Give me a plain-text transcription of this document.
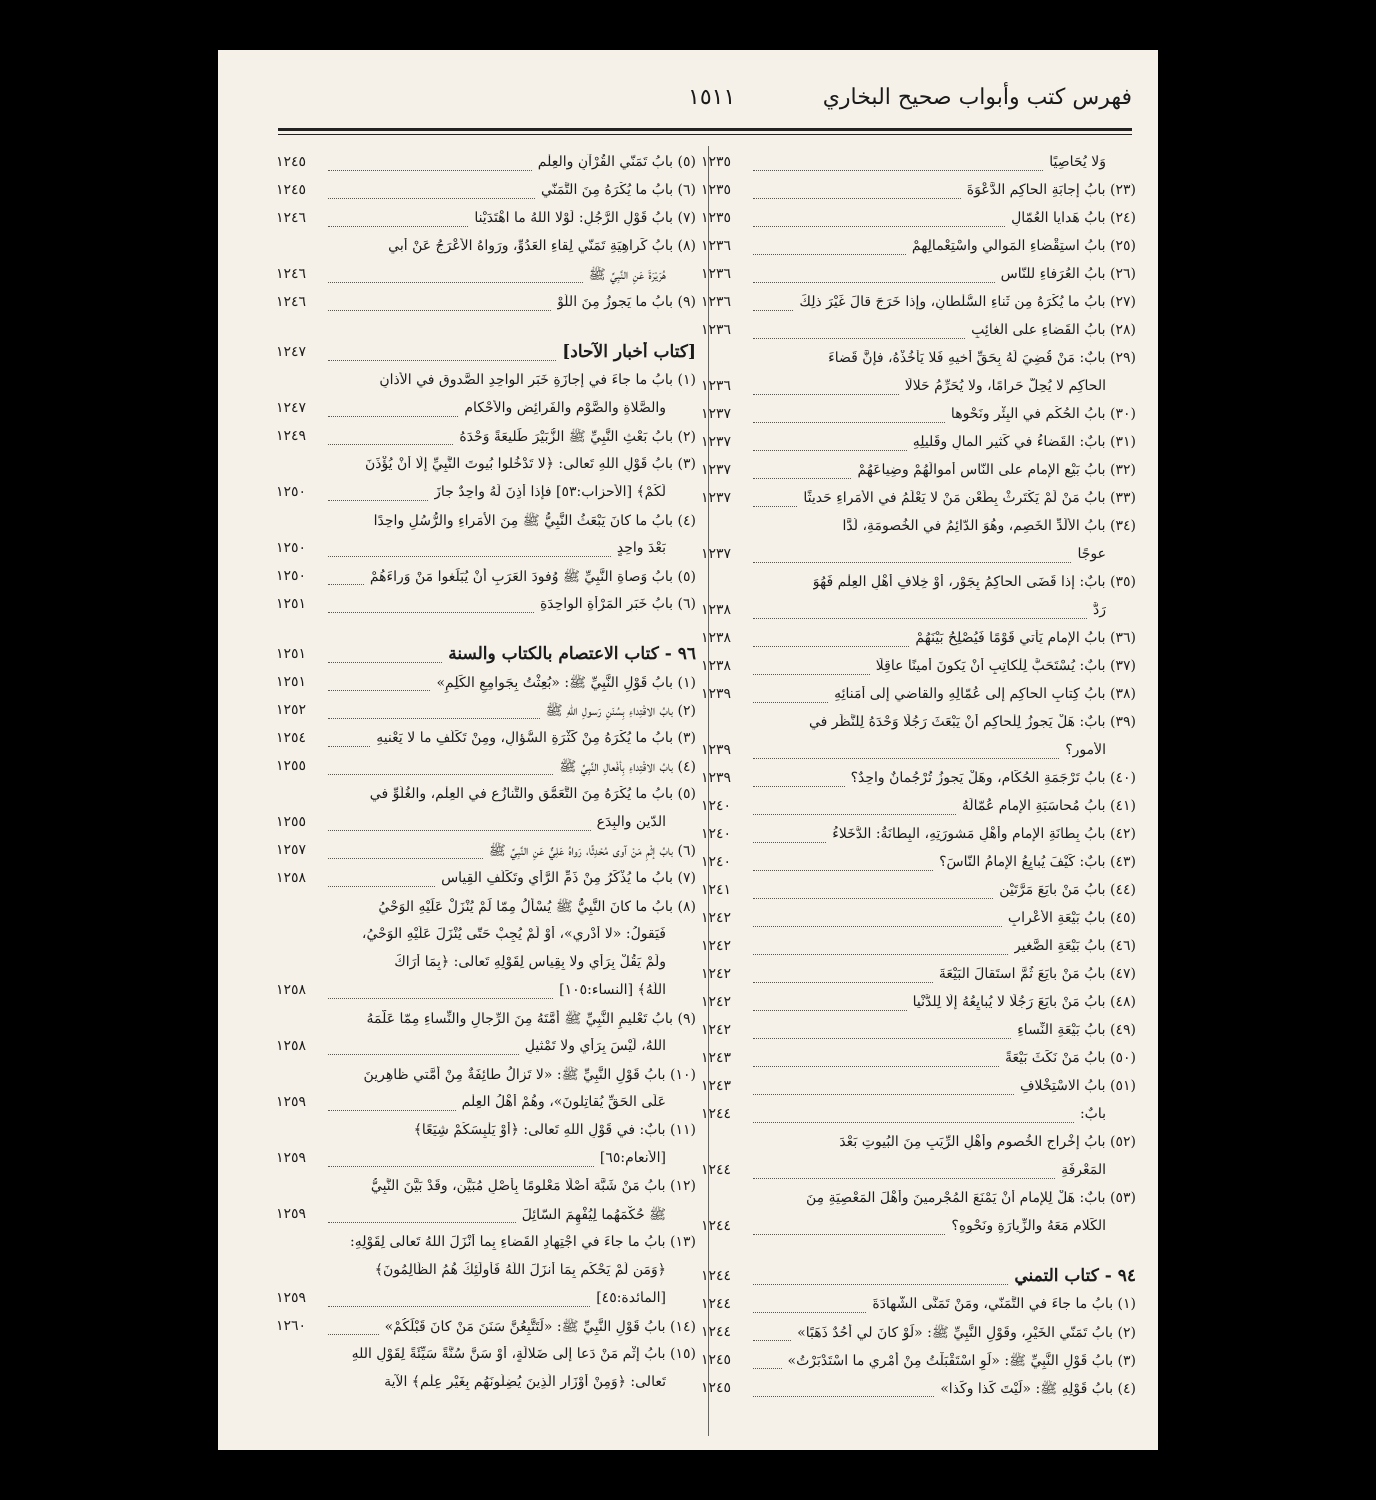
فهرس كتب وأبواب صحيح البخاري
١٥١١
وَلا يُحَاصِيًا
١٢٣٥
(٢٣) بابُ إجابَةِ الحاكِمِ الدَّعْوَةَ
١٢٣٥
(٢٤) بابُ هَدايا العُمّالِ
١٢٣٥
(٢٥) بابُ استِقْضاءِ المَوالي واسْتِعْمالِهِمْ
١٢٣٦
(٢٦) بابُ العُرَفاءِ للنّاسِ
١٢٣٦
(٢٧) بابُ ما يُكْرَهُ مِن ثَناءِ السُّلْطانِ، وإذا خَرَجَ قالَ غَيْرَ ذلِكَ
١٢٣٦
(٢٨) بابُ القَضاءِ على الغائِبِ
١٢٣٦
(٢٩) بابٌ: مَنْ قُضِيَ لَهُ بِحَقِّ أخيهِ فَلا يَأْخُذْهُ، فإنَّ قَضاءَ
الحاكِمِ لا يُحِلُّ حَرامًا، ولا يُحَرِّمُ حَلالًا
١٢٣٦
(٣٠) بابُ الحُكْمِ في البِئْرِ ونَحْوِها
١٢٣٧
(٣١) بابٌ: القَضاءُ في كَثيرِ المالِ وقَليلِهِ
١٢٣٧
(٣٢) بابُ بَيْعِ الإمامِ على النّاسِ أموالَهُمْ وضِياعَهُمْ
١٢٣٧
(٣٣) بابُ مَنْ لَمْ يَكْتَرِثْ بِطَعْنِ مَنْ لا يَعْلَمُ في الأُمَراءِ حَديثًا
١٢٣٧
(٣٤) بابُ الألَدِّ الخَصِمِ، وهُوَ الدّائِمُ في الخُصومَةِ، لُدًّا
عوجًا
١٢٣٧
(٣٥) بابٌ: إذا قَضَى الحاكِمُ بِجَوْرٍ، أوْ خِلافِ أهْلِ العِلْمِ فَهُوَ
رَدٌّ
١٢٣٨
(٣٦) بابُ الإمامِ يَأْتي قَوْمًا فَيُصْلِحُ بَيْنَهُمْ
١٢٣٨
(٣٧) بابٌ: يُسْتَحَبُّ لِلْكاتِبِ أنْ يَكونَ أمينًا عاقِلًا
١٢٣٨
(٣٨) بابُ كِتابِ الحاكِمِ إلى عُمّالِهِ والقاضي إلى أُمَنائِهِ
١٢٣٩
(٣٩) بابٌ: هَلْ يَجوزُ لِلْحاكِمِ أنْ يَبْعَثَ رَجُلًا وَحْدَهُ لِلنَّظَرِ في
الأُمورِ؟
١٢٣٩
(٤٠) بابُ تَرْجَمَةِ الحُكّامِ، وهَلْ يَجوزُ تُرْجُمانٌ واحِدٌ؟
١٢٣٩
(٤١) بابُ مُحاسَبَةِ الإمامِ عُمّالَهُ
١٢٤٠
(٤٢) بابُ بِطانَةِ الإمامِ وأهْلِ مَشورَتِهِ، البِطانَةُ: الدُّخَلاءُ
١٢٤٠
(٤٣) بابٌ: كَيْفَ يُبايِعُ الإمامُ النّاسَ؟
١٢٤٠
(٤٤) بابُ مَنْ بايَعَ مَرَّتَيْنِ
١٢٤١
(٤٥) بابُ بَيْعَةِ الأعْرابِ
١٢٤٢
(٤٦) بابُ بَيْعَةِ الصَّغيرِ
١٢٤٢
(٤٧) بابُ مَنْ بايَعَ ثُمَّ استَقالَ البَيْعَةَ
١٢٤٢
(٤٨) بابُ مَنْ بايَعَ رَجُلًا لا يُبايِعُهُ إلّا لِلدُّنْيا
١٢٤٢
(٤٩) بابُ بَيْعَةِ النِّساءِ
١٢٤٢
(٥٠) بابُ مَنْ نَكَثَ بَيْعَةً
١٢٤٣
(٥١) بابُ الاسْتِخْلافِ
١٢٤٣
بابٌ:
١٢٤٤
(٥٢) بابُ إخْراجِ الخُصومِ وأهْلِ الرِّيَبِ مِنَ البُيوتِ بَعْدَ
المَعْرِفَةِ
١٢٤٤
(٥٣) بابٌ: هَلْ لِلإمامِ أنْ يَمْنَعَ المُجْرِمينَ وأهْلَ المَعْصِيَةِ مِنَ
الكَلامِ مَعَهُ والزِّيارَةِ ونَحْوِهِ؟
١٢٤٤
٩٤ - كتاب التمني
١٢٤٤
(١) بابُ ما جاءَ في التَّمَنّي، ومَنْ تَمَنَّى الشَّهادَةَ
١٢٤٤
(٢) بابُ تَمَنّي الخَيْرِ، وقَوْلِ النَّبِيِّ ﷺ: «لَوْ كانَ لي أُحُدٌ ذَهَبًا»
١٢٤٤
(٣) بابُ قَوْلِ النَّبِيِّ ﷺ: «لَوِ اسْتَقْبَلْتُ مِنْ أمْري ما اسْتَدْبَرْتُ»
١٢٤٥
(٤) بابُ قَوْلِهِ ﷺ: «لَيْتَ كَذا وكَذا»
١٢٤٥
(٥) بابُ تَمَنّي القُرْآنِ والعِلْمِ
١٢٤٥
(٦) بابُ ما يُكْرَهُ مِنَ التَّمَنّي
١٢٤٥
(٧) بابُ قَوْلِ الرَّجُلِ: لَوْلا اللهُ ما اهْتَدَيْنا
١٢٤٦
(٨) بابُ كَراهِيَةِ تَمَنّي لِقاءِ العَدُوِّ، ورَواهُ الأعْرَجُ عَنْ أبي
هُرَيْرَةَ عَنِ النَّبِيِّ ﷺ
١٢٤٦
(٩) بابُ ما يَجوزُ مِنَ اللَّوْ
١٢٤٦
[كتاب أخبار الآحاد]
١٢٤٧
(١) بابُ ما جاءَ في إجازَةِ خَبَرِ الواحِدِ الصَّدوقِ في الأذانِ
والصَّلاةِ والصَّوْمِ والفَرائِضِ والأحْكامِ
١٢٤٧
(٢) بابُ بَعْثِ النَّبِيِّ ﷺ الزُّبَيْرَ طَليعَةً وَحْدَهُ
١٢٤٩
(٣) بابُ قَوْلِ اللهِ تَعالى: ﴿لا تَدْخُلوا بُيوتَ النَّبِيِّ إلّا أنْ يُؤْذَنَ
لَكُمْ﴾ [الأحزاب:٥٣] فإذا أُذِنَ لَهُ واحِدٌ جازَ
١٢٥٠
(٤) بابُ ما كانَ يَبْعَثُ النَّبِيُّ ﷺ مِنَ الأُمَراءِ والرُّسُلِ واحِدًا
بَعْدَ واحِدٍ
١٢٥٠
(٥) بابُ وَصاةِ النَّبِيِّ ﷺ وُفودَ العَرَبِ أنْ يُبَلِّغوا مَنْ وَراءَهُمْ
١٢٥٠
(٦) بابُ خَبَرِ المَرْأَةِ الواحِدَةِ
١٢٥١
٩٦ - كتاب الاعتصام بالكتاب والسنة
١٢٥١
(١) بابُ قَوْلِ النَّبِيِّ ﷺ: «بُعِثْتُ بِجَوامِعِ الكَلِمِ»
١٢٥١
(٢) بابُ الاقْتِداءِ بِسُنَنِ رَسولِ اللهِ ﷺ
١٢٥٢
(٣) بابُ ما يُكْرَهُ مِنْ كَثْرَةِ السُّؤالِ، ومِنْ تَكَلُّفِ ما لا يَعْنيهِ
١٢٥٤
(٤) بابُ الاقْتِداءِ بِأفْعالِ النَّبِيِّ ﷺ
١٢٥٥
(٥) بابُ ما يُكْرَهُ مِنَ التَّعَمُّقِ والتَّنازُعِ في العِلْمِ، والغُلُوِّ في
الدّينِ والبِدَعِ
١٢٥٥
(٦) بابُ إثْمِ مَنْ آوى مُحْدِثًا، رَواهُ عَلِيٌّ عَنِ النَّبِيِّ ﷺ
١٢٥٧
(٧) بابُ ما يُذْكَرُ مِنْ ذَمِّ الرَّأْيِ وتَكَلُّفِ القِياسِ
١٢٥٨
(٨) بابُ ما كانَ النَّبِيُّ ﷺ يُسْأَلُ مِمّا لَمْ يُنْزَلْ عَلَيْهِ الوَحْيُ
فَيَقولُ: «لا أدْري»، أوْ لَمْ يُجِبْ حَتّى يُنْزَلَ عَلَيْهِ الوَحْيُ،
ولَمْ يَقُلْ بِرَأْيٍ ولا بِقِياسٍ لِقَوْلِهِ تَعالى: ﴿بِمَا أَرَاكَ
اللَّهُ﴾ [النساء:١٠٥]
١٢٥٨
(٩) بابُ تَعْليمِ النَّبِيِّ ﷺ أُمَّتَهُ مِنَ الرِّجالِ والنِّساءِ مِمّا عَلَّمَهُ
اللهُ، لَيْسَ بِرَأْيٍ ولا تَمْثيلٍ
١٢٥٨
(١٠) بابُ قَوْلِ النَّبِيِّ ﷺ: «لا تَزالُ طائِفَةٌ مِنْ أُمَّتي ظاهِرينَ
عَلَى الحَقِّ يُقاتِلونَ»، وهُمْ أهْلُ العِلْمِ
١٢٥٩
(١١) بابٌ: في قَوْلِ اللهِ تَعالى: ﴿أَوْ يَلْبِسَكُمْ شِيَعًا﴾
[الأنعام:٦٥]
١٢٥٩
(١٢) بابُ مَنْ شَبَّهَ أصْلًا مَعْلومًا بِأصْلٍ مُبَيَّنٍ، وقَدْ بَيَّنَ النَّبِيُّ
ﷺ حُكْمَهُما لِيُفْهِمَ السّائِلَ
١٢٥٩
(١٣) بابُ ما جاءَ في اجْتِهادِ القَضاءِ بِما أنْزَلَ اللهُ تَعالى لِقَوْلِهِ:
﴿وَمَن لَّمْ يَحْكُم بِمَا أَنزَلَ اللَّهُ فَأُولَٰئِكَ هُمُ الظَّالِمُونَ﴾
[المائدة:٤٥]
١٢٥٩
(١٤) بابُ قَوْلِ النَّبِيِّ ﷺ: «لَتَتَّبِعُنَّ سَنَنَ مَنْ كانَ قَبْلَكُمْ»
١٢٦٠
(١٥) بابُ إثْمِ مَنْ دَعا إلى ضَلالَةٍ، أوْ سَنَّ سُنَّةً سَيِّئَةً لِقَوْلِ اللهِ
تَعالى: ﴿وَمِنْ أَوْزَارِ الَّذِينَ يُضِلُّونَهُم بِغَيْرِ عِلْمٍ﴾ الآية
